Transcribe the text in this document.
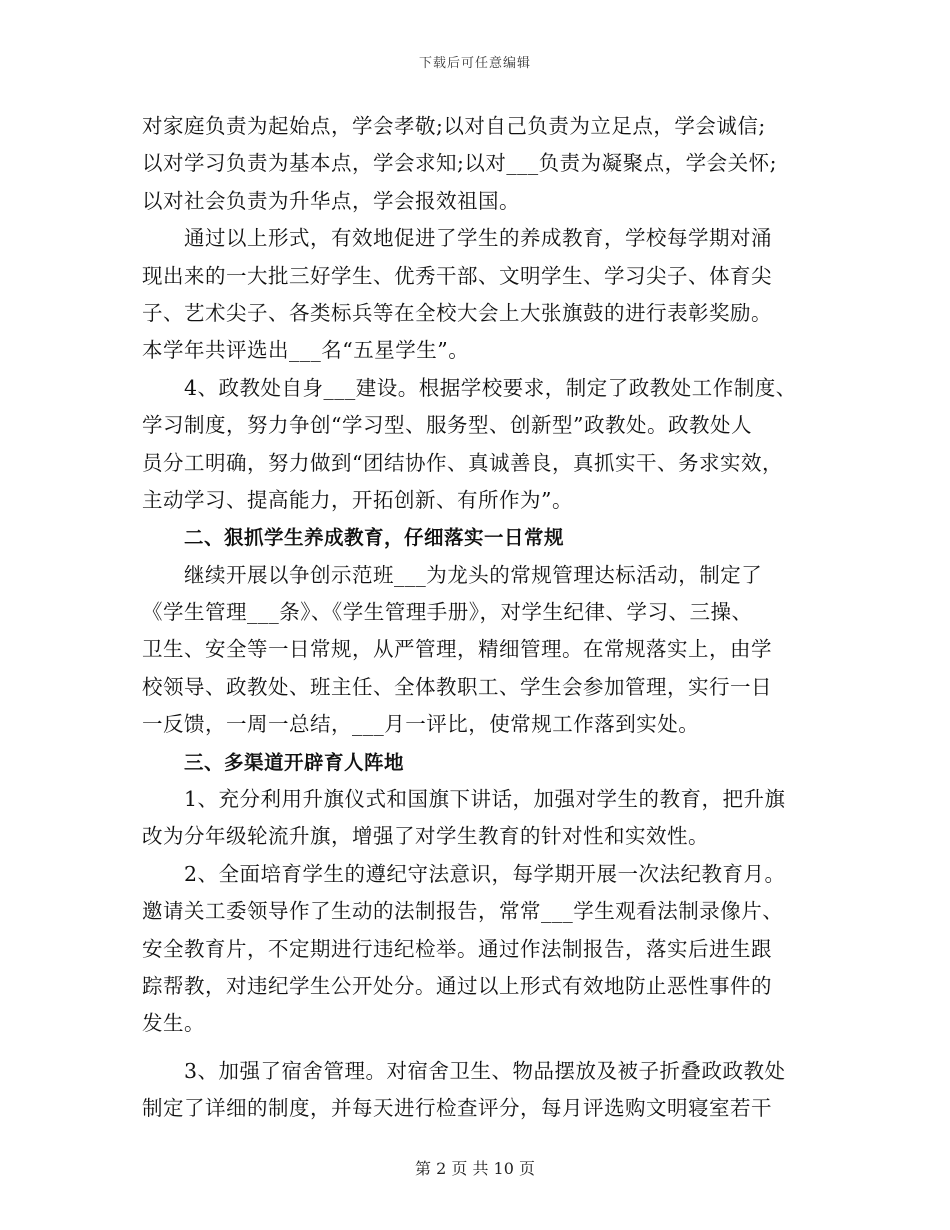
下载后可任意编辑
对家庭负责为起始点，学会孝敬;以对自己负责为立足点，学会诚信;
以对学习负责为基本点，学会求知;以对___负责为凝聚点，学会关怀;
以对社会负责为升华点，学会报效祖国。
通过以上形式，有效地促进了学生的养成教育，学校每学期对涌
现出来的一大批三好学生、优秀干部、文明学生、学习尖子、体育尖
子、艺术尖子、各类标兵等在全校大会上大张旗鼓的进行表彰奖励。
本学年共评选出___名“五星学生”。
4、政教处自身___建设。根据学校要求，制定了政教处工作制度、
学习制度，努力争创“学习型、服务型、创新型”政教处。政教处人
员分工明确，努力做到“团结协作、真诚善良，真抓实干、务求实效，
主动学习、提高能力，开拓创新、有所作为”。
二、狠抓学生养成教育，仔细落实一日常规
继续开展以争创示范班___为龙头的常规管理达标活动，制定了
《学生管理___条》、《学生管理手册》，对学生纪律、学习、三操、
卫生、安全等一日常规，从严管理，精细管理。在常规落实上，由学
校领导、政教处、班主任、全体教职工、学生会参加管理，实行一日
一反馈，一周一总结，___月一评比，使常规工作落到实处。
三、多渠道开辟育人阵地
1、充分利用升旗仪式和国旗下讲话，加强对学生的教育，把升旗
改为分年级轮流升旗，增强了对学生教育的针对性和实效性。
2、全面培育学生的遵纪守法意识，每学期开展一次法纪教育月。
邀请关工委领导作了生动的法制报告，常常___学生观看法制录像片、
安全教育片，不定期进行违纪检举。通过作法制报告，落实后进生跟
踪帮教，对违纪学生公开处分。通过以上形式有效地防止恶性事件的
发生。
3、加强了宿舍管理。对宿舍卫生、物品摆放及被子折叠政政教处
制定了详细的制度，并每天进行检查评分，每月评选购文明寝室若干
第 2 页 共 10 页
